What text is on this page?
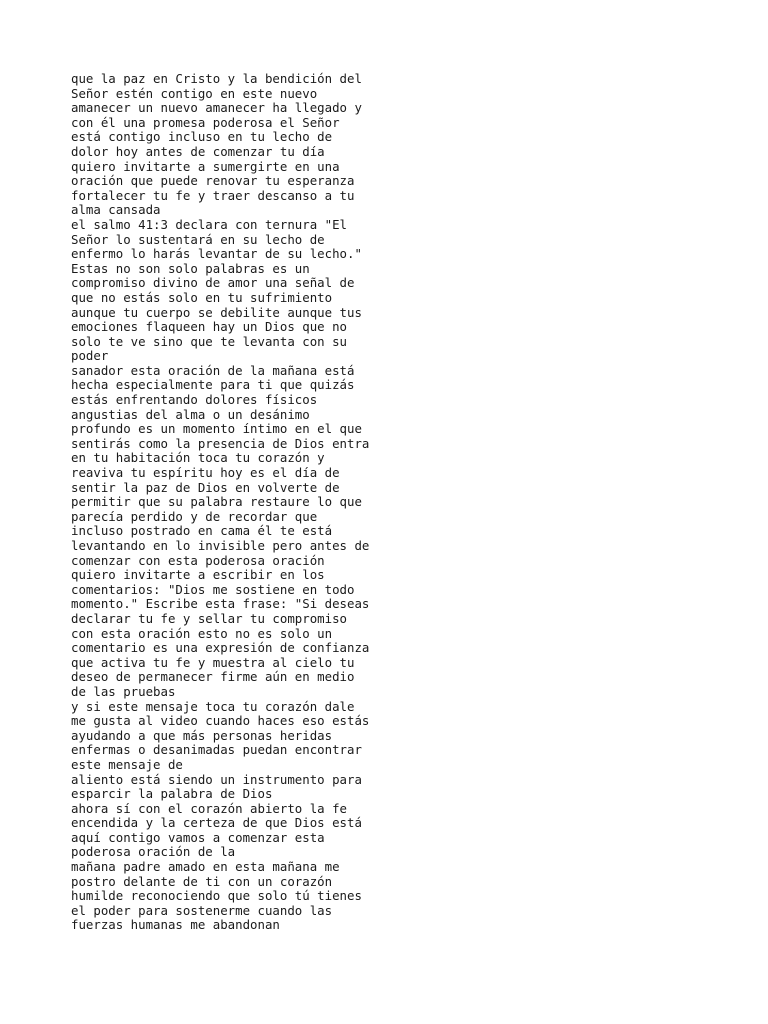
que la paz en Cristo y la bendición del
Señor estén contigo en este nuevo
amanecer un nuevo amanecer ha llegado y
con él una promesa poderosa el Señor
está contigo incluso en tu lecho de
dolor hoy antes de comenzar tu día
quiero invitarte a sumergirte en una
oración que puede renovar tu esperanza
fortalecer tu fe y traer descanso a tu
alma cansada
el salmo 41:3 declara con ternura "El
Señor lo sustentará en su lecho de
enfermo lo harás levantar de su lecho."
Estas no son solo palabras es un
compromiso divino de amor una señal de
que no estás solo en tu sufrimiento
aunque tu cuerpo se debilite aunque tus
emociones flaqueen hay un Dios que no
solo te ve sino que te levanta con su
poder
sanador esta oración de la mañana está
hecha especialmente para ti que quizás
estás enfrentando dolores físicos
angustias del alma o un desánimo
profundo es un momento íntimo en el que
sentirás como la presencia de Dios entra
en tu habitación toca tu corazón y
reaviva tu espíritu hoy es el día de
sentir la paz de Dios en volverte de
permitir que su palabra restaure lo que
parecía perdido y de recordar que
incluso postrado en cama él te está
levantando en lo invisible pero antes de
comenzar con esta poderosa oración
quiero invitarte a escribir en los
comentarios: "Dios me sostiene en todo
momento." Escribe esta frase: "Si deseas
declarar tu fe y sellar tu compromiso
con esta oración esto no es solo un
comentario es una expresión de confianza
que activa tu fe y muestra al cielo tu
deseo de permanecer firme aún en medio
de las pruebas
y si este mensaje toca tu corazón dale
me gusta al video cuando haces eso estás
ayudando a que más personas heridas
enfermas o desanimadas puedan encontrar
este mensaje de
aliento está siendo un instrumento para
esparcir la palabra de Dios
ahora sí con el corazón abierto la fe
encendida y la certeza de que Dios está
aquí contigo vamos a comenzar esta
poderosa oración de la
mañana padre amado en esta mañana me
postro delante de ti con un corazón
humilde reconociendo que solo tú tienes
el poder para sostenerme cuando las
fuerzas humanas me abandonan
